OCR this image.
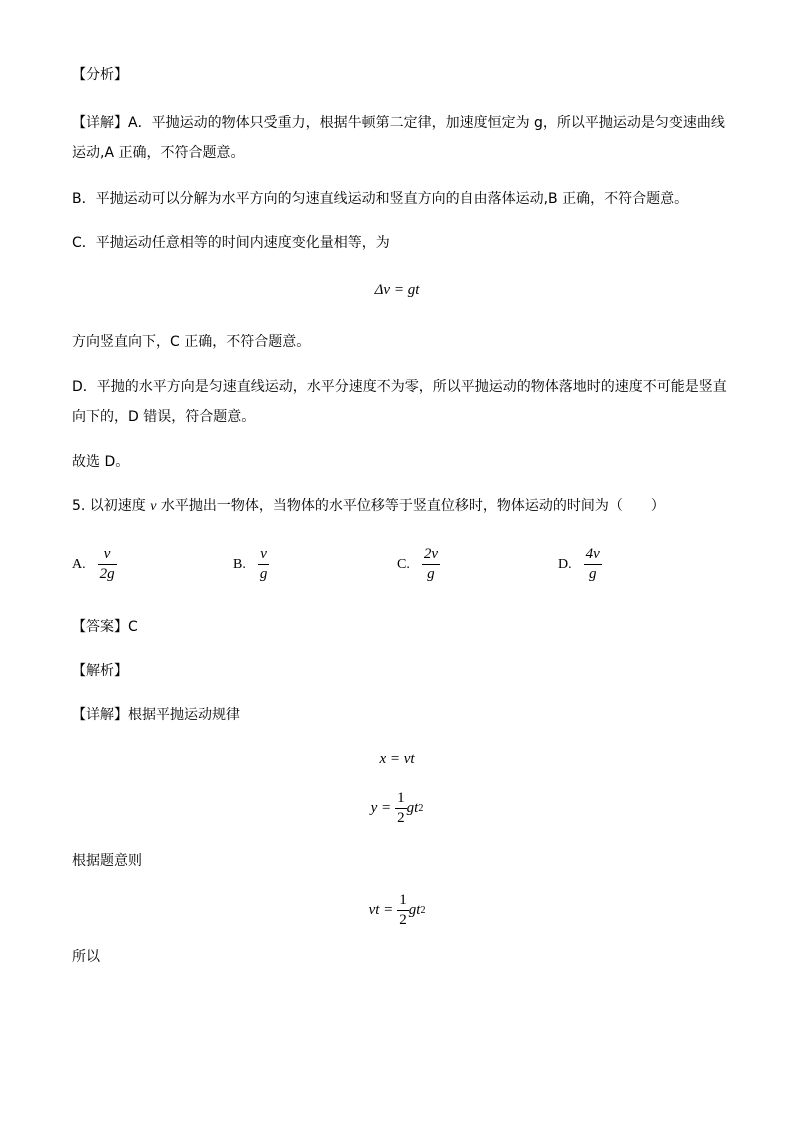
【分析】
【详解】A．平抛运动的物体只受重力，根据牛顿第二定律，加速度恒定为 g，所以平抛运动是匀变速曲线
运动,A 正确，不符合题意。
B．平抛运动可以分解为水平方向的匀速直线运动和竖直方向的自由落体运动,B 正确，不符合题意。
C．平抛运动任意相等的时间内速度变化量相等，为
Δv = gt
方向竖直向下，C 正确，不符合题意。
D．平抛的水平方向是匀速直线运动，水平分速度不为零，所以平抛运动的物体落地时的速度不可能是竖直
向下的，D 错误，符合题意。
故选 D。
5. 以初速度 v 水平抛出一物体，当物体的水平位移等于竖直位移时，物体运动的时间为（　　）
A. $\frac{v}{2g}$	B. $\frac{v}{g}$	C. $\frac{2v}{g}$	D. $\frac{4v}{g}$
【答案】C
【解析】
【详解】根据平抛运动规律
x = vt
$y = \frac{1}{2}$ gt 2
根据题意则
vt = $\frac{1}{2}$ gt 2
所以
